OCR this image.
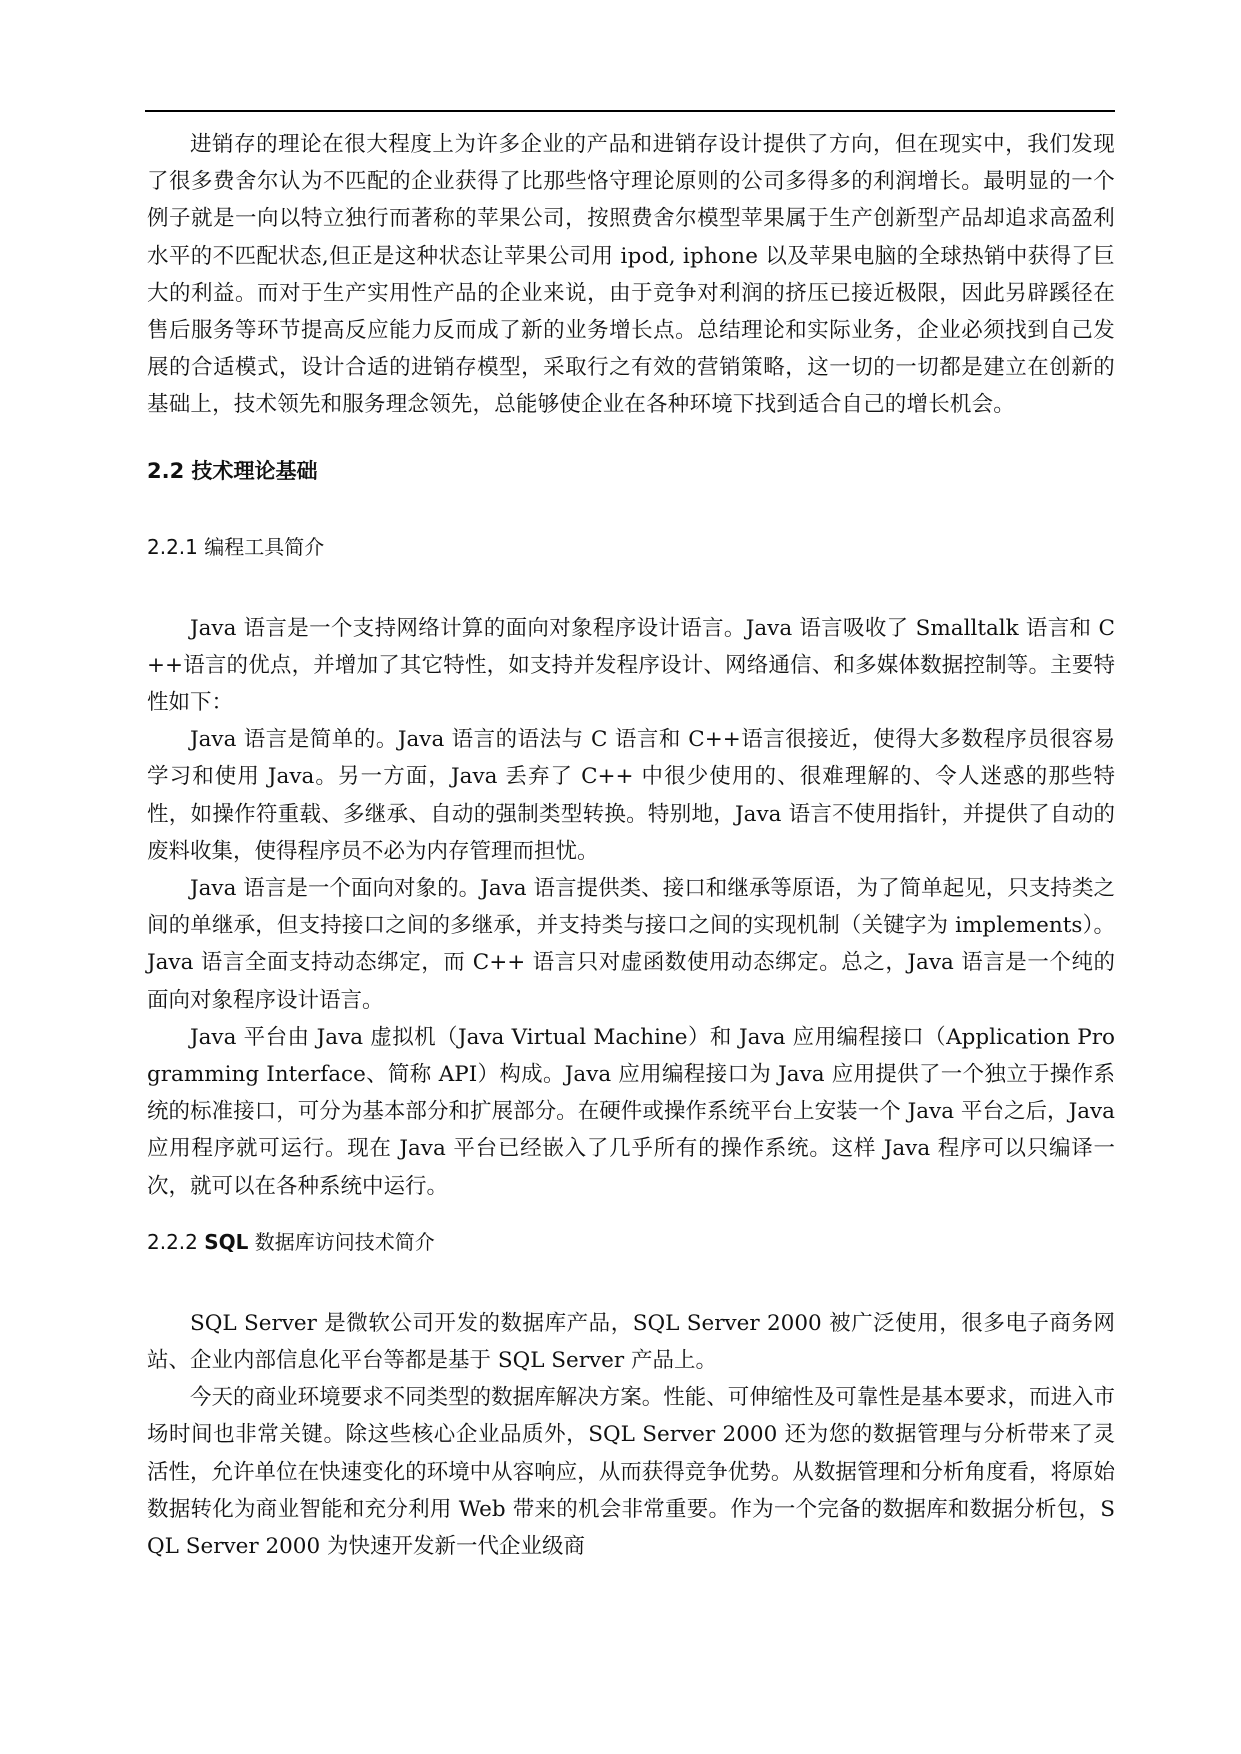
进销存的理论在很大程度上为许多企业的产品和进销存设计提供了方向，但在现实中，我们发现了很多费舍尔认为不匹配的企业获得了比那些恪守理论原则的公司多得多的利润增长。最明显的一个例子就是一向以特立独行而著称的苹果公司，按照费舍尔模型苹果属于生产创新型产品却追求高盈利水平的不匹配状态,但正是这种状态让苹果公司用 ipod, iphone 以及苹果电脑的全球热销中获得了巨大的利益。而对于生产实用性产品的企业来说，由于竞争对利润的挤压已接近极限，因此另辟蹊径在售后服务等环节提高反应能力反而成了新的业务增长点。总结理论和实际业务，企业必须找到自己发展的合适模式，设计合适的进销存模型，采取行之有效的营销策略，这一切的一切都是建立在创新的基础上，技术领先和服务理念领先，总能够使企业在各种环境下找到适合自己的增长机会。

2.2 技术理论基础
2.2.1 编程工具简介

Java 语言是一个支持网络计算的面向对象程序设计语言。Java 语言吸收了 Smalltalk 语言和 C++语言的优点，并增加了其它特性，如支持并发程序设计、网络通信、和多媒体数据控制等。主要特性如下：

Java 语言是简单的。Java 语言的语法与 C 语言和 C++语言很接近，使得大多数程序员很容易学习和使用 Java。另一方面，Java 丢弃了 C++ 中很少使用的、很难理解的、令人迷惑的那些特性，如操作符重载、多继承、自动的强制类型转换。特别地，Java 语言不使用指针，并提供了自动的废料收集，使得程序员不必为内存管理而担忧。

Java 语言是一个面向对象的。Java 语言提供类、接口和继承等原语，为了简单起见，只支持类之间的单继承，但支持接口之间的多继承，并支持类与接口之间的实现机制（关键字为 implements）。Java 语言全面支持动态绑定，而 C++ 语言只对虚函数使用动态绑定。总之，Java 语言是一个纯的面向对象程序设计语言。

Java 平台由 Java 虚拟机（Java Virtual Machine）和 Java 应用编程接口（Application Programming Interface、简称 API）构成。Java 应用编程接口为 Java 应用提供了一个独立于操作系统的标准接口，可分为基本部分和扩展部分。在硬件或操作系统平台上安装一个 Java 平台之后，Java 应用程序就可运行。现在 Java 平台已经嵌入了几乎所有的操作系统。这样 Java 程序可以只编译一次，就可以在各种系统中运行。

2.2.2 SQL 数据库访问技术简介

SQL Server 是微软公司开发的数据库产品，SQL Server 2000 被广泛使用，很多电子商务网站、企业内部信息化平台等都是基于 SQL Server 产品上。

今天的商业环境要求不同类型的数据库解决方案。性能、可伸缩性及可靠性是基本要求，而进入市场时间也非常关键。除这些核心企业品质外，SQL Server 2000 还为您的数据管理与分析带来了灵活性，允许单位在快速变化的环境中从容响应，从而获得竞争优势。从数据管理和分析角度看，将原始数据转化为商业智能和充分利用 Web 带来的机会非常重要。作为一个完备的数据库和数据分析包，SQL Server 2000 为快速开发新一代企业级商
